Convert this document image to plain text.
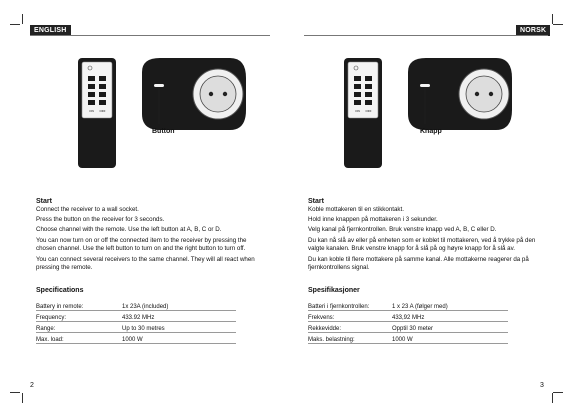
ENGLISH
ON OFF
Button
Start

Connect the receiver to a wall socket.

Press the button on the receiver for 3 seconds.

Choose channel with the remote. Use the left button at A, B, C or D.

You can now turn on or off the connected item to the receiver by pressing the chosen channel. Use the left button to turn on and the right button to turn off.

You can connect several receivers to the same channel. They will all react when pressing the remote.

Specifications
Battery in remote:	1x 23A (included)
Frequency:	433.92 MHz
Range:	Up to 30 metres
Max. load:	1000 W
2
NORSK
ON OFF
Knapp
Start

Koble mottakeren til en stikkontakt.

Hold inne knappen på mottakeren i 3 sekunder.

Velg kanal på fjernkontrollen. Bruk venstre knapp ved A, B, C eller D.

Du kan nå slå av eller på enheten som er koblet til mottakeren, ved å trykke på den valgte kanalen. Bruk venstre knapp for å slå på og høyre knapp for å slå av.

Du kan koble til flere mottakere på samme kanal. Alle mottakerne reagerer da på fjernkontrollens signal.

Spesifikasjoner
Batteri i fjernkontrollen:	1 x 23 A (følger med)
Frekvens:	433,92 MHz
Rekkevidde:	Opptil 30 meter
Maks. belastning:	1000 W
3
